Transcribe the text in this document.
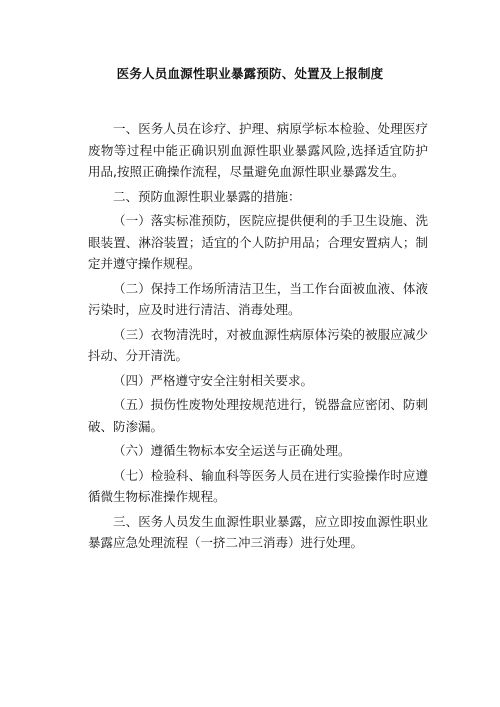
医务人员血源性职业暴露预防、处置及上报制度

一、医务人员在诊疗、护理、病原学标本检验、处理医疗废物等过程中能正确识别血源性职业暴露风险,选择适宜防护用品,按照正确操作流程，尽量避免血源性职业暴露发生。

二、预防血源性职业暴露的措施：

（一）落实标准预防，医院应提供便利的手卫生设施、洗眼装置、淋浴装置；适宜的个人防护用品；合理安置病人；制定并遵守操作规程。

（二）保持工作场所清洁卫生，当工作台面被血液、体液污染时，应及时进行清洁、消毒处理。

（三）衣物清洗时，对被血源性病原体污染的被服应减少抖动、分开清洗。

（四）严格遵守安全注射相关要求。

（五）损伤性废物处理按规范进行，锐器盒应密闭、防刺破、防渗漏。

（六）遵循生物标本安全运送与正确处理。

（七）检验科、输血科等医务人员在进行实验操作时应遵循微生物标准操作规程。

三、医务人员发生血源性职业暴露，应立即按血源性职业暴露应急处理流程（一挤二冲三消毒）进行处理。
